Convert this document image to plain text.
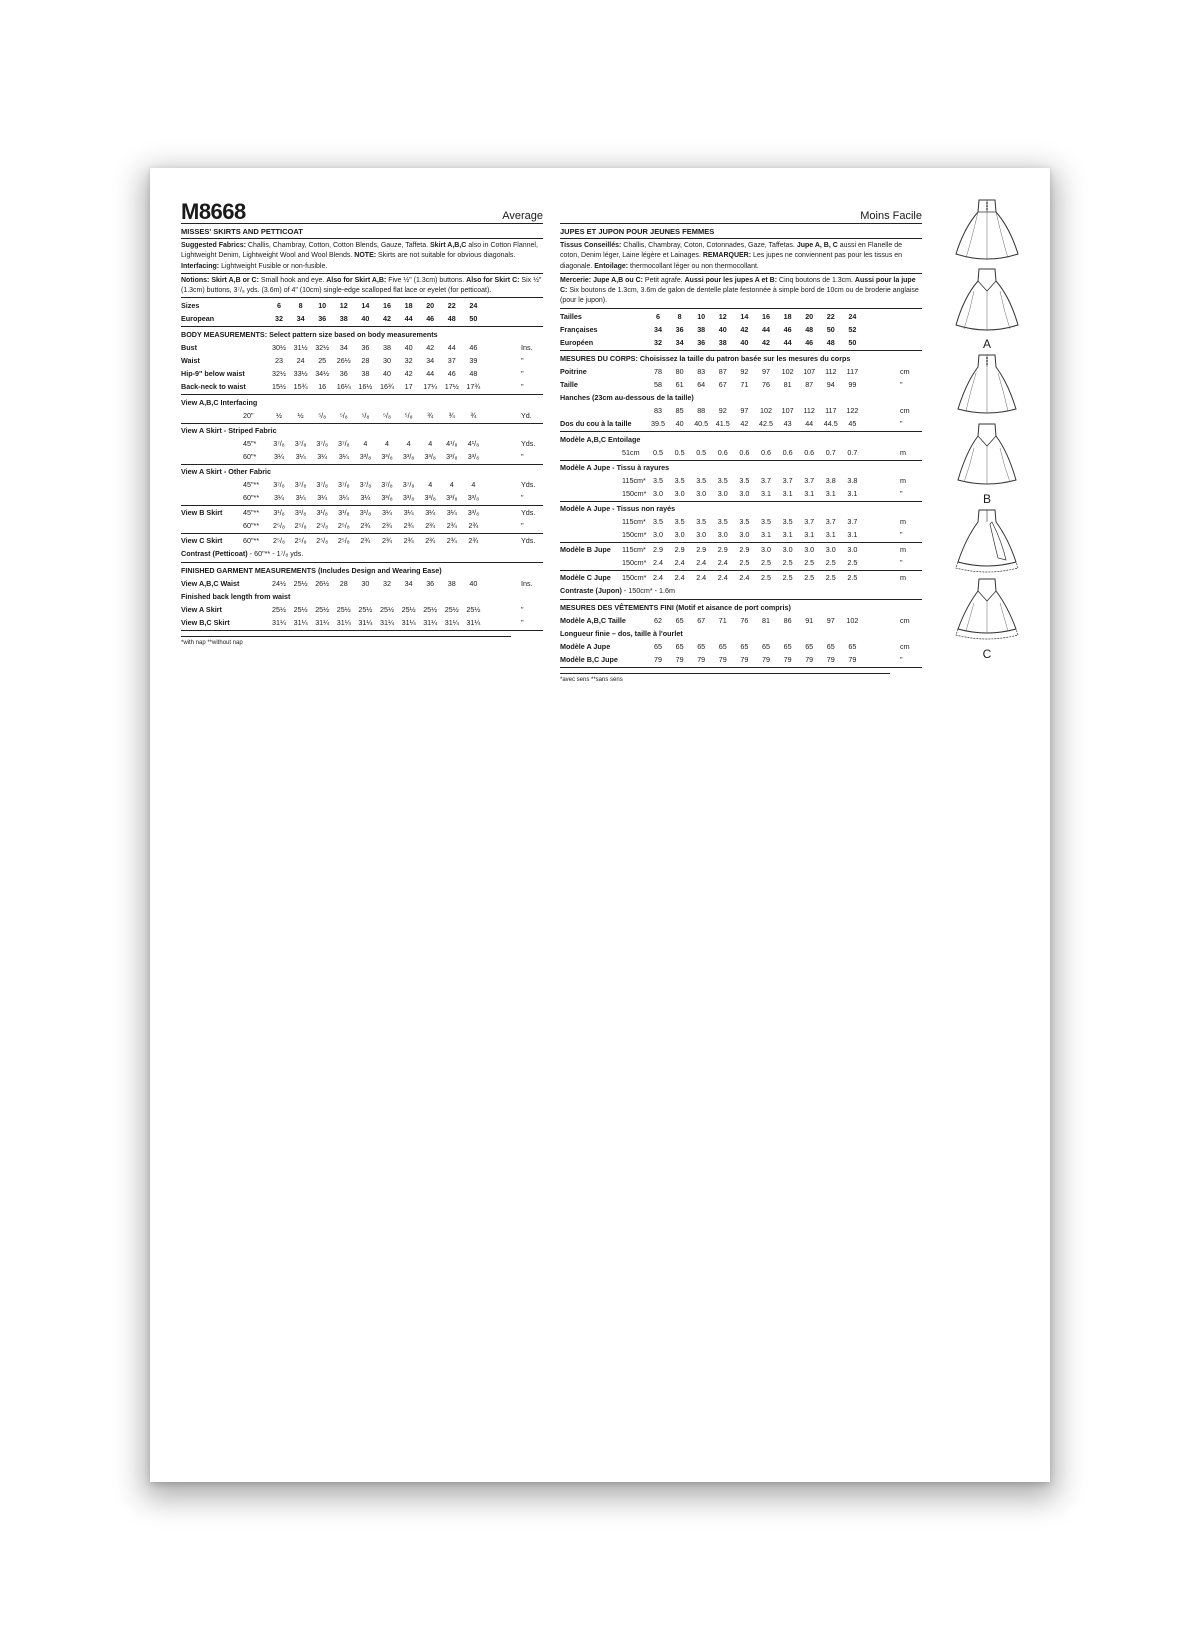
M8668	Average
MISSES' SKIRTS AND PETTICOAT
Suggested Fabrics: Challis, Chambray, Cotton, Cotton Blends, Gauze, Taffeta. Skirt A,B,C also in Cotton Flannel, Lightweight Denim, Lightweight Wool and Wool Blends. NOTE: Skirts are not suitable for obvious diagonals. Interfacing: Lightweight Fusible or non-fusible.
Notions: Skirt A,B or C: Small hook and eye. Also for Skirt A,B: Five ½" (1.3cm) buttons. Also for Skirt C: Six ½" (1.3cm) buttons, 3⁷/₈ yds. (3.6m) of 4" (10cm) single-edge scalloped flat lace or eyelet (for petticoat).
Sizes	6	8	10	12	14	16	18	20	22	24
European	32	34	36	38	40	42	44	46	48	50
BODY MEASUREMENTS: Select pattern size based on body measurements
Bust	30½	31½	32½	34	36	38	40	42	44	46	Ins.
Waist	23	24	25	26½	28	30	32	34	37	39	"
Hip-9" below waist	32½	33½	34½	36	38	40	42	44	46	48	"
Back-neck to waist	15½	15¾	16	16¼	16½	16¾	17	17¼	17½	17¾	"
View A,B,C Interfacing
20"	½	½	⁵/₈	⁵/₈	⁵/₈	⁵/₈	⁵/₈	¾	¾	¾	Yd.
View A Skirt - Striped Fabric
45"*	3⁷/₈	3⁷/₈	3⁷/₈	3⁷/₈	4	4	4	4	4¹/₈	4¹/₈	Yds.
60"*	3¼	3¼	3¼	3¼	3³/₈	3³/₈	3³/₈	3³/₈	3³/₈	3³/₈	"
View A Skirt - Other Fabric
45"**	3⁷/₈	3⁷/₈	3⁷/₈	3⁷/₈	3⁷/₈	3⁷/₈	3⁷/₈	4	4	4	Yds.
60"**	3¼	3¼	3¼	3¼	3¼	3³/₈	3³/₈	3³/₈	3³/₈	3³/₈	"
View B Skirt	45"**	3¹/₈	3¹/₈	3¹/₈	3¹/₈	3¹/₈	3¼	3¼	3¼	3¼	3³/₈	Yds.
60"**	2⁵/₈	2⁵/₈	2⁵/₈	2⁵/₈	2¾	2¾	2¾	2¾	2¾	2¾	"
View C Skirt	60"**	2⁵/₈	2⁵/₈	2⁵/₈	2⁵/₈	2¾	2¾	2¾	2¾	2¾	2¾	Yds.
Contrast (Petticoat) - 60"** - 1⁷/₈ yds.
FINISHED GARMENT MEASUREMENTS (Includes Design and Wearing Ease)
View A,B,C Waist	24½	25½	26½	28	30	32	34	36	38	40	Ins.
Finished back length from waist
View A Skirt	25½	25½	25½	25½	25½	25½	25½	25½	25½	25½	"
View B,C Skirt	31¼	31¼	31¼	31¼	31¼	31¼	31¼	31¼	31¼	31¼	"
*with nap **without nap
Moins Facile
JUPES ET JUPON POUR JEUNES FEMMES
Tissus Conseillés: Challis, Chambray, Coton, Cotonnades, Gaze, Taffetas. Jupe A, B, C aussi en Flanelle de coton, Denim léger, Laine légère et Lainages. REMARQUER: Les jupes ne conviennent pas pour les tissus en diagonale. Entoilage: thermocollant léger ou non thermocollant.
Mercerie: Jupe A,B ou C: Petit agrafe. Aussi pour les jupes A et B: Cinq boutons de 1.3cm. Aussi pour la jupe C: Six boutons de 1.3cm, 3.6m de galon de dentelle plate festonnée à simple bord de 10cm ou de broderie anglaise (pour le jupon).
Tailles	6	8	10	12	14	16	18	20	22	24
Françaises	34	36	38	40	42	44	46	48	50	52
Européen	32	34	36	38	40	42	44	46	48	50
MESURES DU CORPS: Choisissez la taille du patron basée sur les mesures du corps
Poitrine	78	80	83	87	92	97	102	107	112	117	cm
Taille	58	61	64	67	71	76	81	87	94	99	"
Hanches (23cm au-dessous de la taille)
83	85	88	92	97	102	107	112	117	122	cm
Dos du cou à la taille	39.5	40	40.5	41.5	42	42.5	43	44	44.5	45	"
Modèle A,B,C Entoilage
51cm	0.5	0.5	0.5	0.6	0.6	0.6	0.6	0.6	0.7	0.7	m
Modèle A Jupe - Tissu à rayures
115cm* 3.5	3.5	3.5	3.5	3.5	3.7	3.7	3.7	3.8	3.8	m
150cm* 3.0	3.0	3.0	3.0	3.0	3.1	3.1	3.1	3.1	3.1	"
Modèle A Jupe - Tissus non rayés
115cm* 3.5	3.5	3.5	3.5	3.5	3.5	3.5	3.7	3.7	3.7	m
150cm* 3.0	3.0	3.0	3.0	3.0	3.1	3.1	3.1	3.1	3.1	"
Modèle B Jupe 115cm* 2.9	2.9	2.9	2.9	2.9	3.0	3.0	3.0	3.0	3.0	m
150cm* 2.4	2.4	2.4	2.4	2.5	2.5	2.5	2.5	2.5	2.5	"
Modèle C Jupe 150cm* 2.4	2.4	2.4	2.4	2.4	2.5	2.5	2.5	2.5	2.5	m
Contraste (Jupon) - 150cm* - 1.6m
MESURES DES VÊTEMENTS FINI (Motif et aisance de port compris)
Modèle A,B,C Taille	62	65	67	71	76	81	86	91	97	102	cm
Longueur finie – dos, taille à l'ourlet
Modèle A Jupe	65	65	65	65	65	65	65	65	65	65	cm
Modèle B,C Jupe	79	79	79	79	79	79	79	79	79	79	"
*avec sens **sans sens
A
B
C
